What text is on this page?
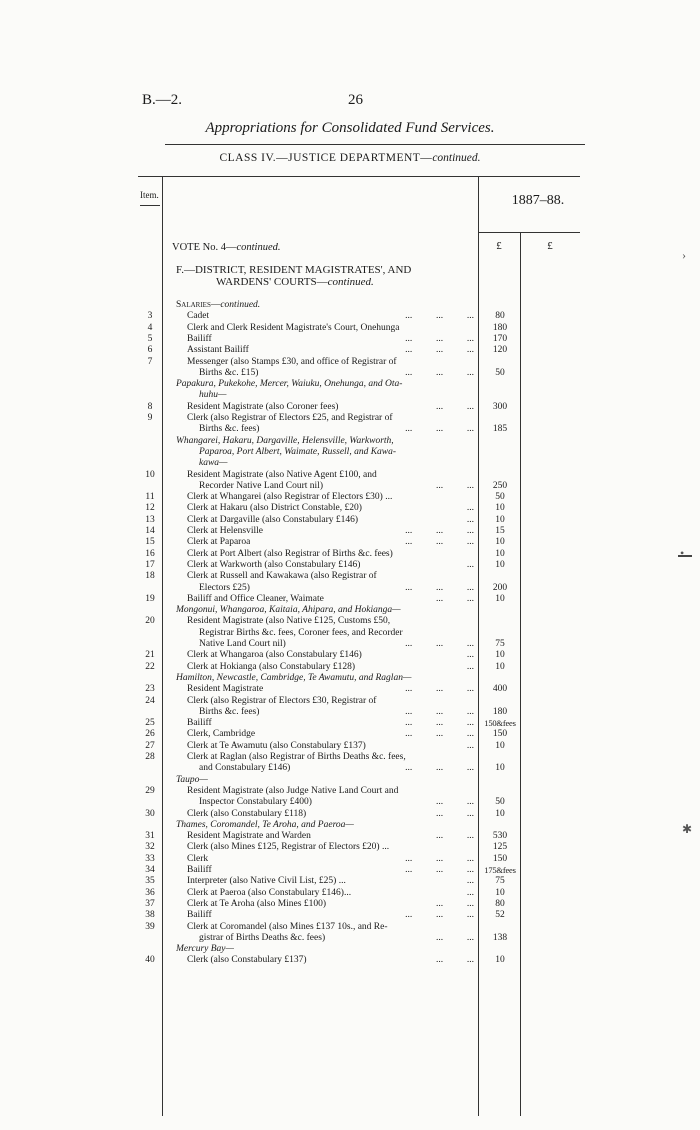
B.—2.	26
Appropriations for Consolidated Fund Services.
CLASS IV.—JUSTICE DEPARTMENT—continued.
Item.	1887–88.
VOTE No. 4—continued.	£	£
F.—DISTRICT, RESIDENT MAGISTRATES', AND
WARDENS' COURTS—continued.
Salaries—continued.
3	Cadet	...          ...          ...	80
4	Clerk and Clerk Resident Magistrate's Court, Onehunga	180
5	Bailiff	...          ...          ...	170
6	Assistant Bailiff	...          ...          ...	120
7	Messenger (also Stamps £30, and office of Registrar of
Births &c. £15)	...          ...          ...	50
Papakura, Pukekohe, Mercer, Waiuku, Onehunga, and Ota-
huhu—
8	Resident Magistrate (also Coroner fees)	...          ...	300
9	Clerk (also Registrar of Electors £25, and Registrar of
Births &c. fees)	...          ...          ...	185
Whangarei, Hakaru, Dargaville, Helensville, Warkworth,
Paparoa, Port Albert, Waimate, Russell, and Kawa-
kawa—
10	Resident Magistrate (also Native Agent £100, and
Recorder Native Land Court nil)	...          ...	250
11	Clerk at Whangarei (also Registrar of Electors £30) ...	50
12	Clerk at Hakaru (also District Constable, £20)	...	10
13	Clerk at Dargaville (also Constabulary £146)	...	10
14	Clerk at Helensville	...          ...          ...	15
15	Clerk at Paparoa	...          ...          ...	10
16	Clerk at Port Albert (also Registrar of Births &c. fees)	10
17	Clerk at Warkworth (also Constabulary £146)	...	10
18	Clerk at Russell and Kawakawa (also Registrar of
Electors £25)	...          ...          ...	200
19	Bailiff and Office Cleaner, Waimate	...          ...	10
Mongonui, Whangaroa, Kaitaia, Ahipara, and Hokianga—
20	Resident Magistrate (also Native £125, Customs £50,
Registrar Births &c. fees, Coroner fees, and Recorder
Native Land Court nil)	...          ...          ...	75
21	Clerk at Whangaroa (also Constabulary £146)	...	10
22	Clerk at Hokianga (also Constabulary £128)	...	10
Hamilton, Newcastle, Cambridge, Te Awamutu, and Raglan—
23	Resident Magistrate	...          ...          ...	400
24	Clerk (also Registrar of Electors £30, Registrar of
Births &c. fees)	...          ...          ...	180
25	Bailiff	...          ...          ...	150&fees
26	Clerk, Cambridge	...          ...          ...	150
27	Clerk at Te Awamutu (also Constabulary £137)	...	10
28	Clerk at Raglan (also Registrar of Births Deaths &c. fees,
and Constabulary £146)	...          ...          ...	10
Taupo—
29	Resident Magistrate (also Judge Native Land Court and
Inspector Constabulary £400)	...          ...	50
30	Clerk (also Constabulary £118)	...          ...	10
Thames, Coromandel, Te Aroha, and Paeroa—
31	Resident Magistrate and Warden	...          ...	530
32	Clerk (also Mines £125, Registrar of Electors £20) ...	125
33	Clerk	...          ...          ...	150
34	Bailiff	...          ...          ...	175&fees
35	Interpreter (also Native Civil List, £25) ...	...	75
36	Clerk at Paeroa (also Constabulary £146)...	...	10
37	Clerk at Te Aroha (also Mines £100)	...          ...	80
38	Bailiff	...          ...          ...	52
39	Clerk at Coromandel (also Mines £137 10s., and Re-
gistrar of Births Deaths &c. fees)	...          ...	138
Mercury Bay—
40	Clerk (also Constabulary £137)	...          ...	10
›
•
✱
